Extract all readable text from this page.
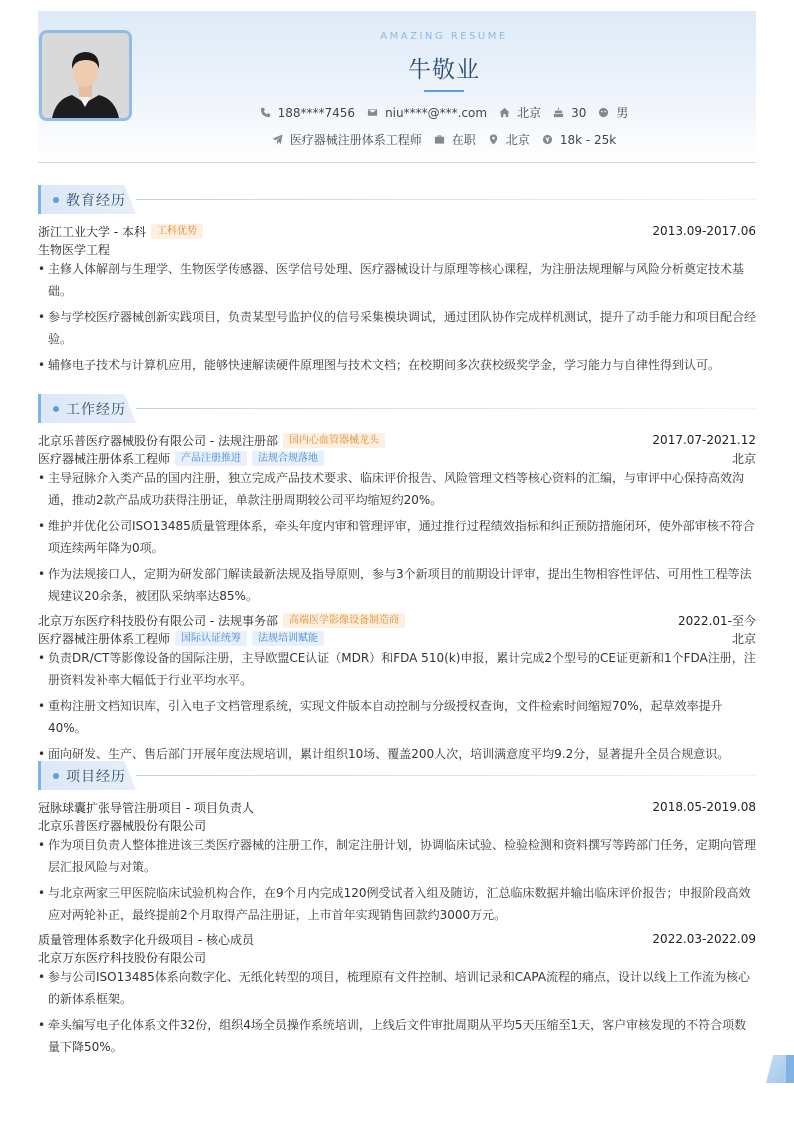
AMAZING RESUME
牛敬业
188****7456	niu****@***.com	北京	30	男
医疗器械注册体系工程师	在职	北京	18k - 25k
教育经历
浙江工业大学 - 本科	工科优势	2013.09-2017.06
生物医学工程
• 主修人体解剖与生理学、生物医学传感器、医学信号处理、医疗器械设计与原理等核心课程，为注册法规理解与风险分析奠定技术基础。
• 参与学校医疗器械创新实践项目，负责某型号监护仪的信号采集模块调试，通过团队协作完成样机测试，提升了动手能力和项目配合经验。
• 辅修电子技术与计算机应用，能够快速解读硬件原理图与技术文档；在校期间多次获校级奖学金，学习能力与自律性得到认可。
工作经历
北京乐普医疗器械股份有限公司 - 法规注册部	国内心血管器械龙头	2017.07-2021.12
医疗器械注册体系工程师	产品注册推进	法规合规落地	北京
• 主导冠脉介入类产品的国内注册，独立完成产品技术要求、临床评价报告、风险管理文档等核心资料的汇编，与审评中心保持高效沟通，推动2款产品成功获得注册证，单款注册周期较公司平均缩短约20%。
• 维护并优化公司ISO13485质量管理体系，牵头年度内审和管理评审，通过推行过程绩效指标和纠正预防措施闭环，使外部审核不符合项连续两年降为0项。
• 作为法规接口人，定期为研发部门解读最新法规及指导原则，参与3个新项目的前期设计评审，提出生物相容性评估、可用性工程等法规建议20余条，被团队采纳率达85%。
北京万东医疗科技股份有限公司 - 法规事务部	高端医学影像设备制造商	2022.01-至今
医疗器械注册体系工程师	国际认证统筹	法规培训赋能	北京
• 负责DR/CT等影像设备的国际注册，主导欧盟CE认证（MDR）和FDA 510(k)申报，累计完成2个型号的CE证更新和1个FDA注册，注册资料发补率大幅低于行业平均水平。
• 重构注册文档知识库，引入电子文档管理系统，实现文件版本自动控制与分级授权查询，文件检索时间缩短70%，起草效率提升40%。
• 面向研发、生产、售后部门开展年度法规培训，累计组织10场、覆盖200人次，培训满意度平均9.2分，显著提升全员合规意识。
项目经历
冠脉球囊扩张导管注册项目 - 项目负责人	2018.05-2019.08
北京乐普医疗器械股份有限公司
• 作为项目负责人整体推进该三类医疗器械的注册工作，制定注册计划，协调临床试验、检验检测和资料撰写等跨部门任务，定期向管理层汇报风险与对策。
• 与北京两家三甲医院临床试验机构合作，在9个月内完成120例受试者入组及随访，汇总临床数据并输出临床评价报告；申报阶段高效应对两轮补正，最终提前2个月取得产品注册证，上市首年实现销售回款约3000万元。
质量管理体系数字化升级项目 - 核心成员	2022.03-2022.09
北京万东医疗科技股份有限公司
• 参与公司ISO13485体系向数字化、无纸化转型的项目，梳理原有文件控制、培训记录和CAPA流程的痛点，设计以线上工作流为核心的新体系框架。
• 牵头编写电子化体系文件32份，组织4场全员操作系统培训，上线后文件审批周期从平均5天压缩至1天，客户审核发现的不符合项数量下降50%。
